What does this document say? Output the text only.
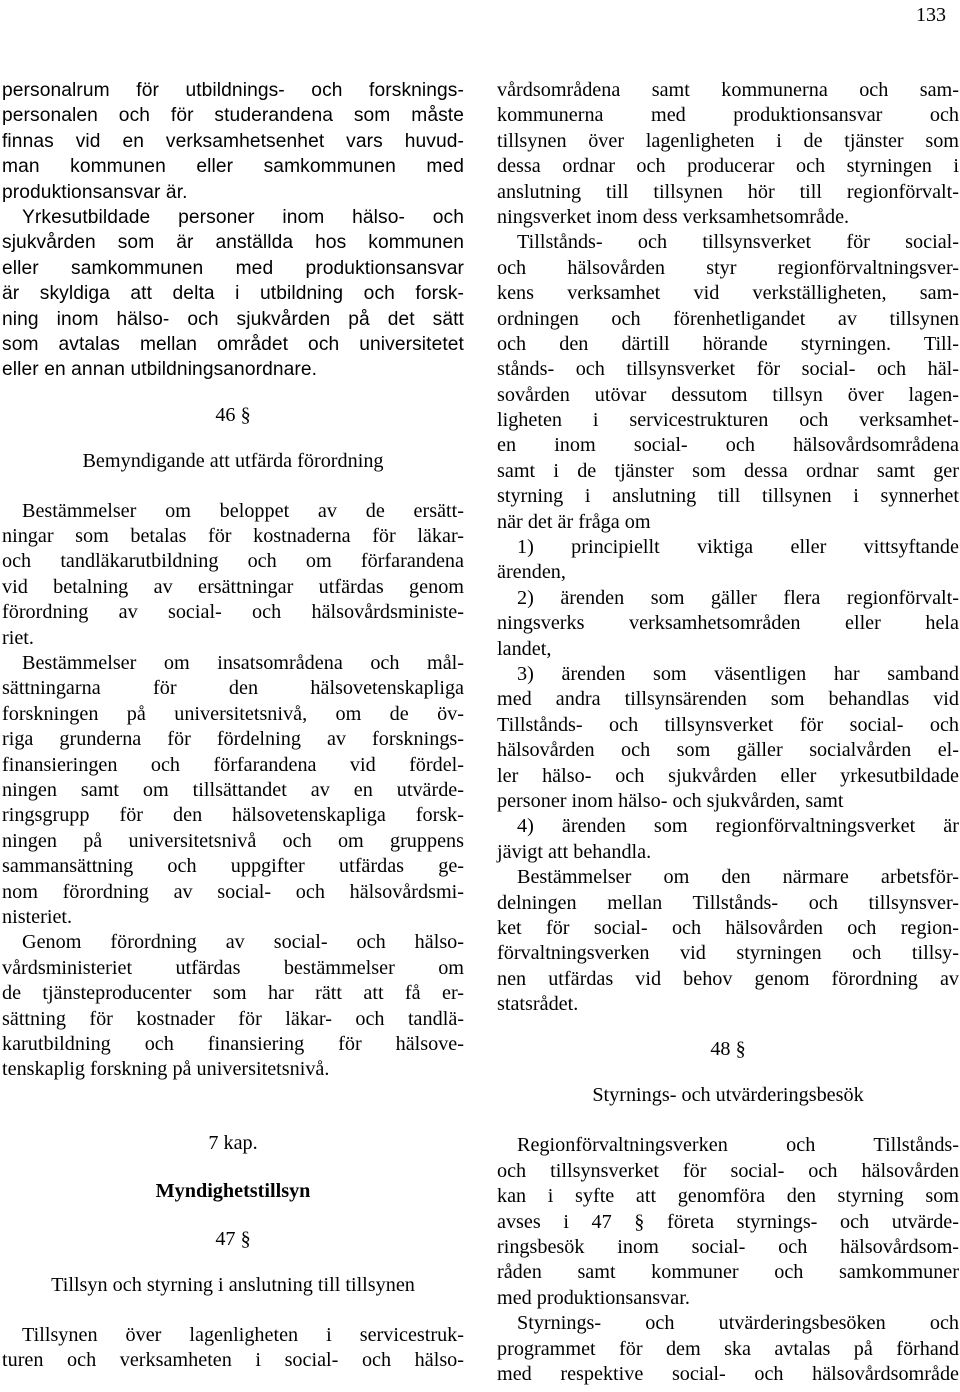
133
personalrum för utbildnings- och forsknings-
personalen och för studerandena som måste
finnas vid en verksamhetsenhet vars huvud-
man kommunen eller samkommunen med
produktionsansvar är.
Yrkesutbildade personer inom hälso- och
sjukvården som är anställda hos kommunen
eller samkommunen med produktionsansvar
är skyldiga att delta i utbildning och forsk-
ning inom hälso- och sjukvården på det sätt
som avtalas mellan området och universitetet
eller en annan utbildningsanordnare.
46 §
Bemyndigande att utfärda förordning
Bestämmelser om beloppet av de ersätt-
ningar som betalas för kostnaderna för läkar-
och tandläkarutbildning och om förfarandena
vid betalning av ersättningar utfärdas genom
förordning av social- och hälsovårdsministe-
riet.
Bestämmelser om insatsområdena och mål-
sättningarna för den hälsovetenskapliga
forskningen på universitetsnivå, om de öv-
riga grunderna för fördelning av forsknings-
finansieringen och förfarandena vid fördel-
ningen samt om tillsättandet av en utvärde-
ringsgrupp för den hälsovetenskapliga forsk-
ningen på universitetsnivå och om gruppens
sammansättning och uppgifter utfärdas ge-
nom förordning av social- och hälsovårdsmi-
nisteriet.
Genom förordning av social- och hälso-
vårdsministeriet utfärdas bestämmelser om
de tjänsteproducenter som har rätt att få er-
sättning för kostnader för läkar- och tandlä-
karutbildning och finansiering för hälsove-
tenskaplig forskning på universitetsnivå.
7 kap.
Myndighetstillsyn
47 §
Tillsyn och styrning i anslutning till tillsynen
Tillsynen över lagenligheten i servicestruk-
turen och verksamheten i social- och hälso-
vårdsområdena samt kommunerna och sam-
kommunerna med produktionsansvar och
tillsynen över lagenligheten i de tjänster som
dessa ordnar och producerar och styrningen i
anslutning till tillsynen hör till regionförvalt-
ningsverket inom dess verksamhetsområde.
Tillstånds- och tillsynsverket för social-
och hälsovården styr regionförvaltningsver-
kens verksamhet vid verkställigheten, sam-
ordningen och förenhetligandet av tillsynen
och den därtill hörande styrningen. Till-
stånds- och tillsynsverket för social- och häl-
sovården utövar dessutom tillsyn över lagen-
ligheten i servicestrukturen och verksamhet-
en inom social- och hälsovårdsområdena
samt i de tjänster som dessa ordnar samt ger
styrning i anslutning till tillsynen i synnerhet
när det är fråga om
1) principiellt viktiga eller vittsyftande
ärenden,
2) ärenden som gäller flera regionförvalt-
ningsverks verksamhetsområden eller hela
landet,
3) ärenden som väsentligen har samband
med andra tillsynsärenden som behandlas vid
Tillstånds- och tillsynsverket för social- och
hälsovården och som gäller socialvården el-
ler hälso- och sjukvården eller yrkesutbildade
personer inom hälso- och sjukvården, samt
4) ärenden som regionförvaltningsverket är
jävigt att behandla.
Bestämmelser om den närmare arbetsför-
delningen mellan Tillstånds- och tillsynsver-
ket för social- och hälsovården och region-
förvaltningsverken vid styrningen och tillsy-
nen utfärdas vid behov genom förordning av
statsrådet.
48 §
Styrnings- och utvärderingsbesök
Regionförvaltningsverken och Tillstånds-
och tillsynsverket för social- och hälsovården
kan i syfte att genomföra den styrning som
avses i 47 § företa styrnings- och utvärde-
ringsbesök inom social- och hälsovårdsom-
råden samt kommuner och samkommuner
med produktionsansvar.
Styrnings- och utvärderingsbesöken och
programmet för dem ska avtalas på förhand
med respektive social- och hälsovårdsområde
